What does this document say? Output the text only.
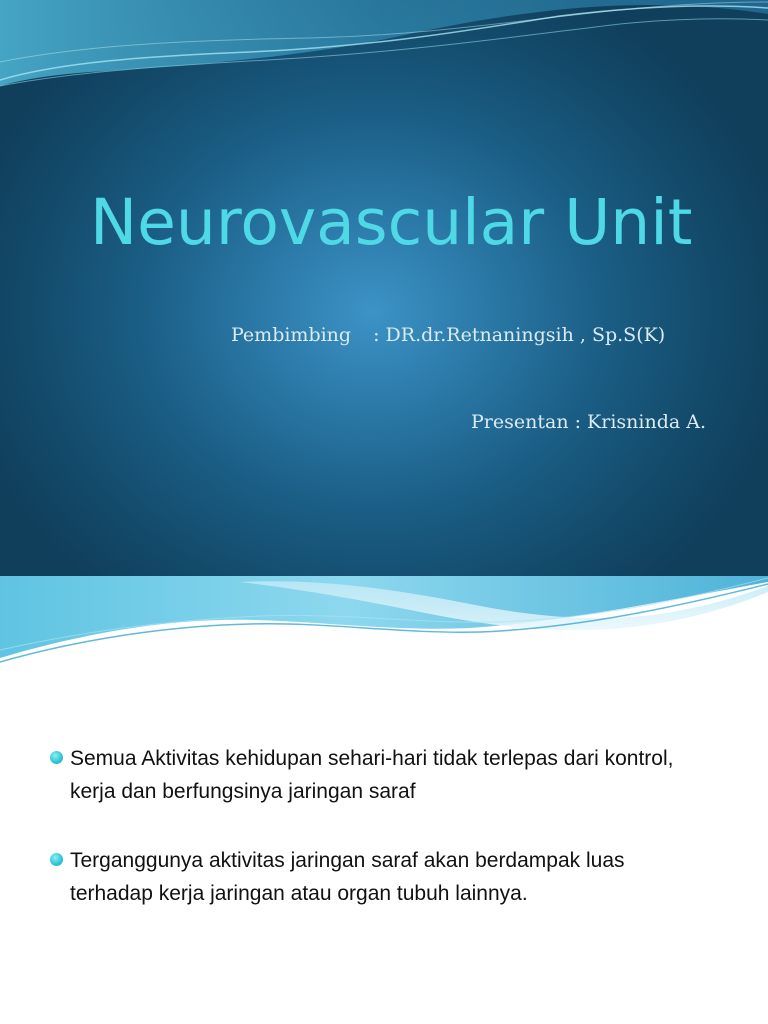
Neurovascular Unit
Pembimbing : DR.dr.Retnaningsih , Sp.S(K)
Presentan : Krisninda A.
Semua Aktivitas kehidupan sehari-hari tidak terlepas dari kontrol, kerja dan berfungsinya jaringan saraf
Terganggunya aktivitas jaringan saraf akan berdampak luas terhadap kerja jaringan atau organ tubuh lainnya.
